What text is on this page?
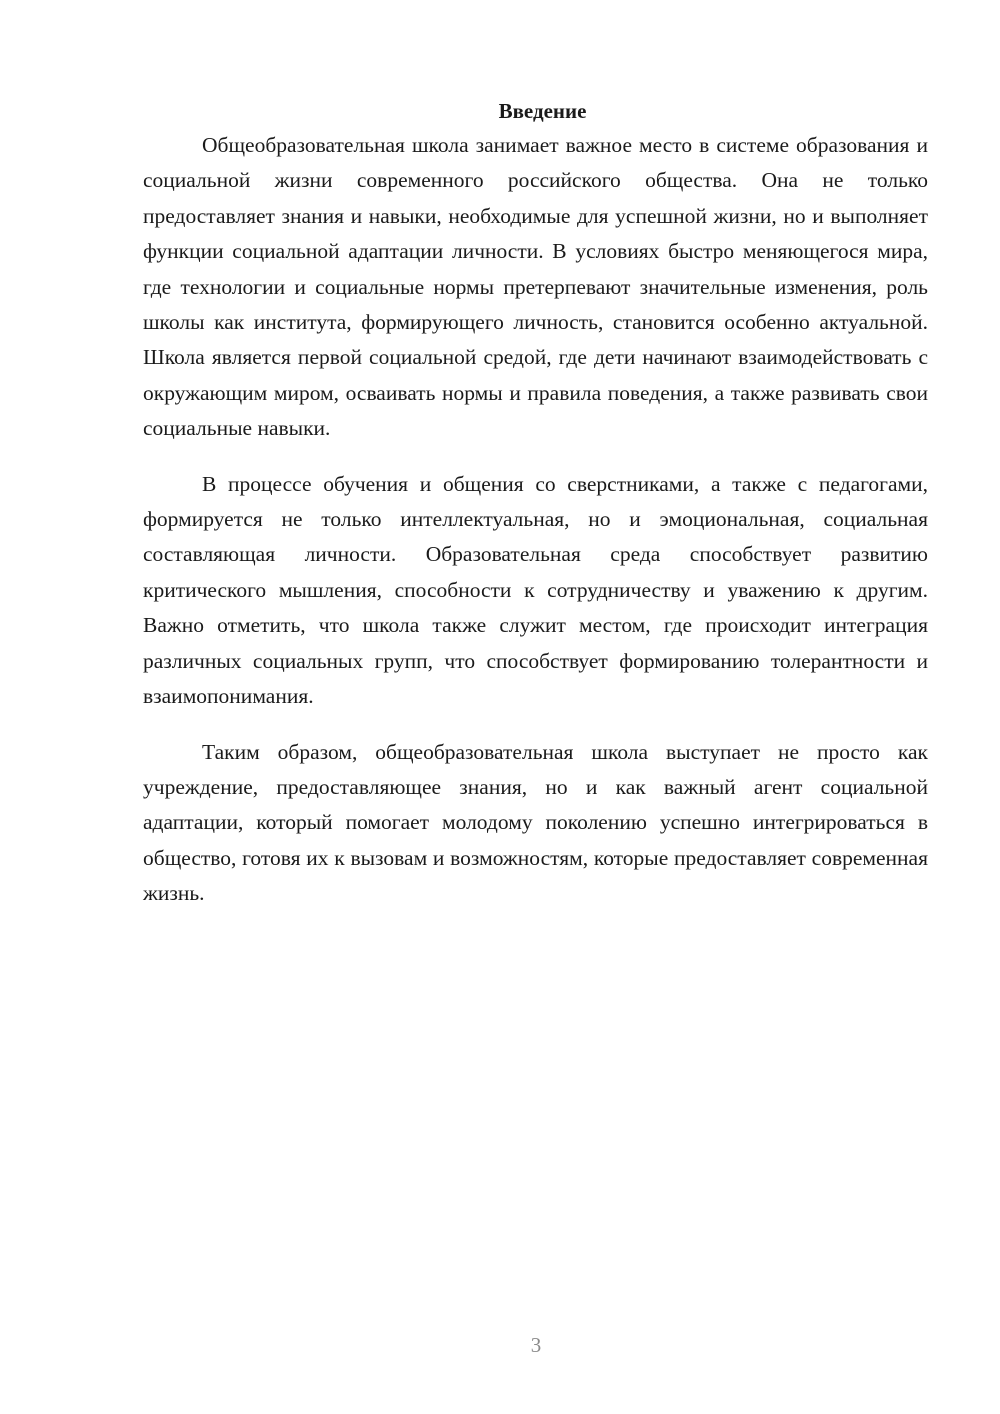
Введение

Общеобразовательная школа занимает важное место в системе образования и социальной жизни современного российского общества. Она не только предоставляет знания и навыки, необходимые для успешной жизни, но и выполняет функции социальной адаптации личности. В условиях быстро меняющегося мира, где технологии и социальные нормы претерпевают значительные изменения, роль школы как института, формирующего личность, становится особенно актуальной. Школа является первой социальной средой, где дети начинают взаимодействовать с окружающим миром, осваивать нормы и правила поведения, а также развивать свои социальные навыки.

В процессе обучения и общения со сверстниками, а также с педагогами, формируется не только интеллектуальная, но и эмоциональная, социальная составляющая личности. Образовательная среда способствует развитию критического мышления, способности к сотрудничеству и уважению к другим. Важно отметить, что школа также служит местом, где происходит интеграция различных социальных групп, что способствует формированию толерантности и взаимопонимания.

Таким образом, общеобразовательная школа выступает не просто как учреждение, предоставляющее знания, но и как важный агент социальной адаптации, который помогает молодому поколению успешно интегрироваться в общество, готовя их к вызовам и возможностям, которые предоставляет современная жизнь.

3
